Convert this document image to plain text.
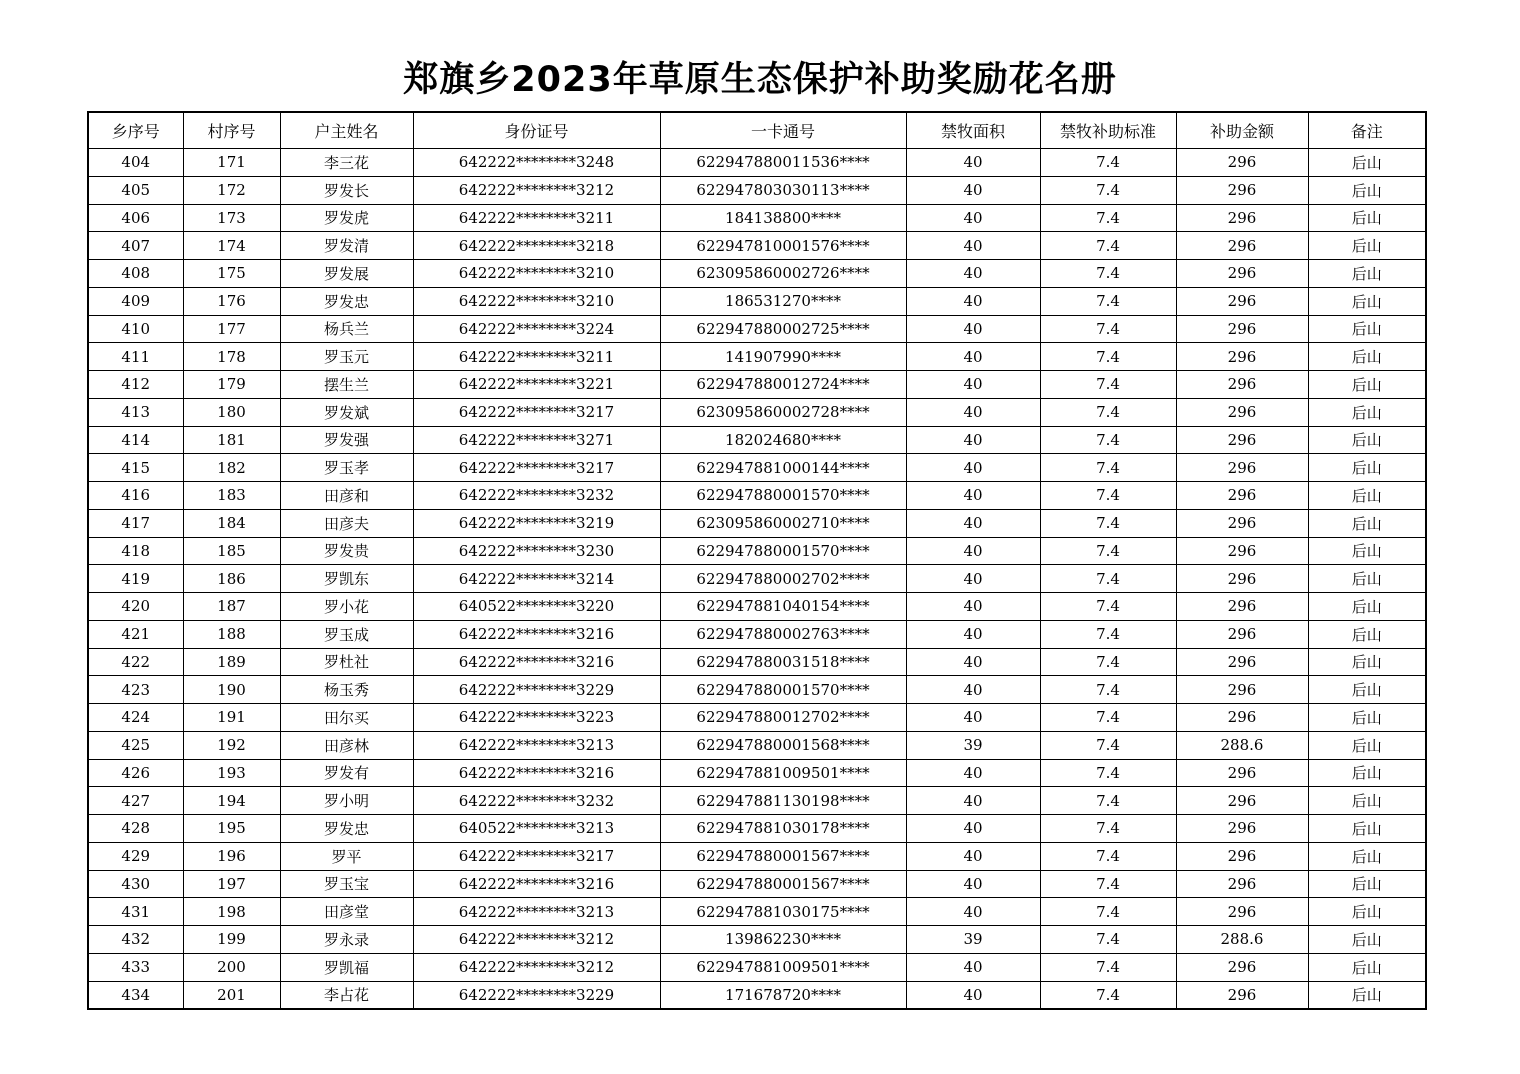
郑旗乡2023年草原生态保护补助奖励花名册
乡序号	村序号	户主姓名	身份证号	一卡通号	禁牧面积	禁牧补助标准	补助金额	备注
404	171	李三花	642222********3248	622947880011536****	40	7.4	296	后山
405	172	罗发长	642222********3212	622947803030113****	40	7.4	296	后山
406	173	罗发虎	642222********3211	184138800****	40	7.4	296	后山
407	174	罗发清	642222********3218	622947810001576****	40	7.4	296	后山
408	175	罗发展	642222********3210	623095860002726****	40	7.4	296	后山
409	176	罗发忠	642222********3210	186531270****	40	7.4	296	后山
410	177	杨兵兰	642222********3224	622947880002725****	40	7.4	296	后山
411	178	罗玉元	642222********3211	141907990****	40	7.4	296	后山
412	179	摆生兰	642222********3221	622947880012724****	40	7.4	296	后山
413	180	罗发斌	642222********3217	623095860002728****	40	7.4	296	后山
414	181	罗发强	642222********3271	182024680****	40	7.4	296	后山
415	182	罗玉孝	642222********3217	622947881000144****	40	7.4	296	后山
416	183	田彦和	642222********3232	622947880001570****	40	7.4	296	后山
417	184	田彦夫	642222********3219	623095860002710****	40	7.4	296	后山
418	185	罗发贵	642222********3230	622947880001570****	40	7.4	296	后山
419	186	罗凯东	642222********3214	622947880002702****	40	7.4	296	后山
420	187	罗小花	640522********3220	622947881040154****	40	7.4	296	后山
421	188	罗玉成	642222********3216	622947880002763****	40	7.4	296	后山
422	189	罗杜社	642222********3216	622947880031518****	40	7.4	296	后山
423	190	杨玉秀	642222********3229	622947880001570****	40	7.4	296	后山
424	191	田尔买	642222********3223	622947880012702****	40	7.4	296	后山
425	192	田彦林	642222********3213	622947880001568****	39	7.4	288.6	后山
426	193	罗发有	642222********3216	622947881009501****	40	7.4	296	后山
427	194	罗小明	642222********3232	622947881130198****	40	7.4	296	后山
428	195	罗发忠	640522********3213	622947881030178****	40	7.4	296	后山
429	196	罗平	642222********3217	622947880001567****	40	7.4	296	后山
430	197	罗玉宝	642222********3216	622947880001567****	40	7.4	296	后山
431	198	田彦堂	642222********3213	622947881030175****	40	7.4	296	后山
432	199	罗永录	642222********3212	139862230****	39	7.4	288.6	后山
433	200	罗凯福	642222********3212	622947881009501****	40	7.4	296	后山
434	201	李占花	642222********3229	171678720****	40	7.4	296	后山
